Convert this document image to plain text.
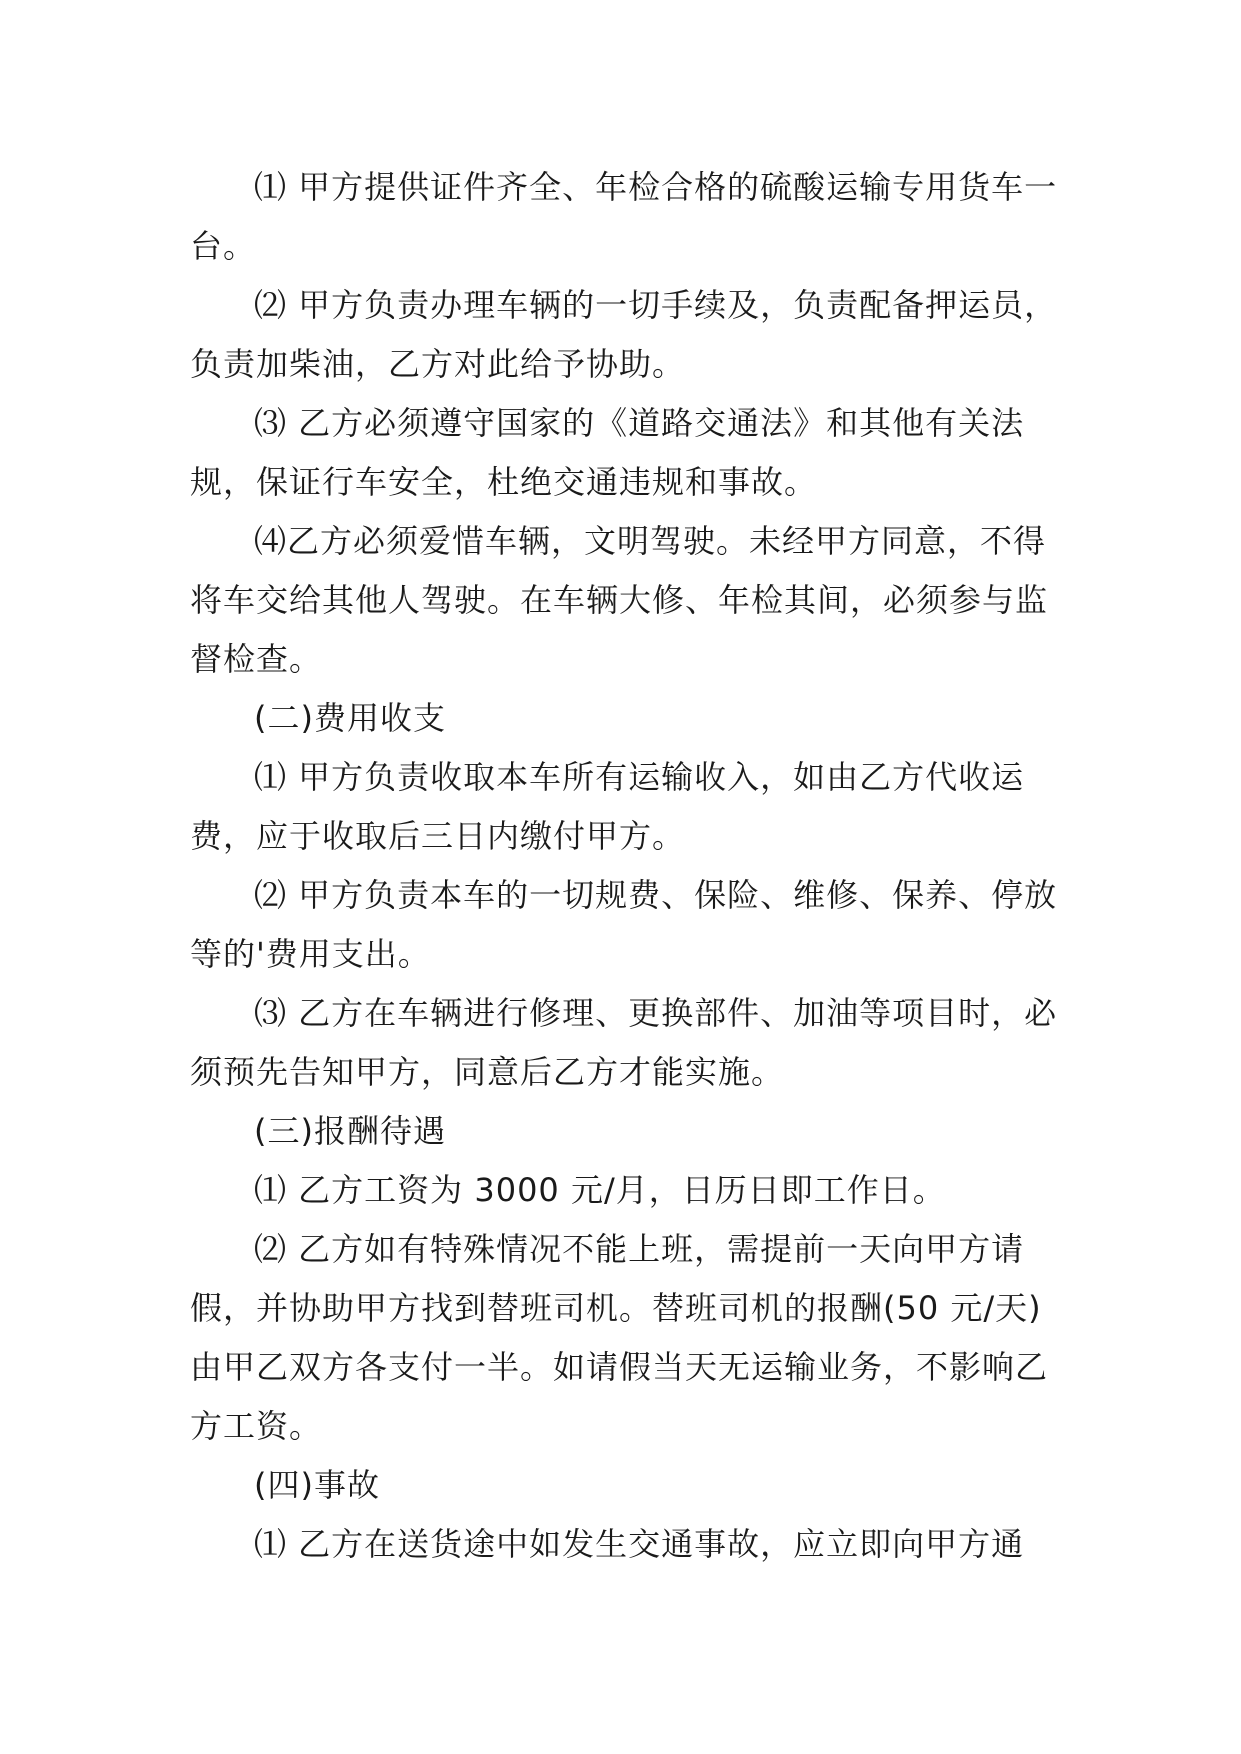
⑴ 甲方提供证件齐全、年检合格的硫酸运输专用货车一台。

⑵ 甲方负责办理车辆的一切手续及，负责配备押运员，负责加柴油，乙方对此给予协助。

⑶ 乙方必须遵守国家的《道路交通法》和其他有关法规，保证行车安全，杜绝交通违规和事故。

⑷乙方必须爱惜车辆，文明驾驶。未经甲方同意，不得将车交给其他人驾驶。在车辆大修、年检其间，必须参与监督检查。

(二)费用收支

⑴ 甲方负责收取本车所有运输收入，如由乙方代收运费，应于收取后三日内缴付甲方。

⑵ 甲方负责本车的一切规费、保险、维修、保养、停放等的'费用支出。

⑶ 乙方在车辆进行修理、更换部件、加油等项目时，必须预先告知甲方，同意后乙方才能实施。

(三)报酬待遇

⑴ 乙方工资为 3000 元/月，日历日即工作日。

⑵ 乙方如有特殊情况不能上班，需提前一天向甲方请假，并协助甲方找到替班司机。替班司机的报酬(50 元/天)由甲乙双方各支付一半。如请假当天无运输业务，不影响乙方工资。

(四)事故

⑴ 乙方在送货途中如发生交通事故，应立即向甲方通
